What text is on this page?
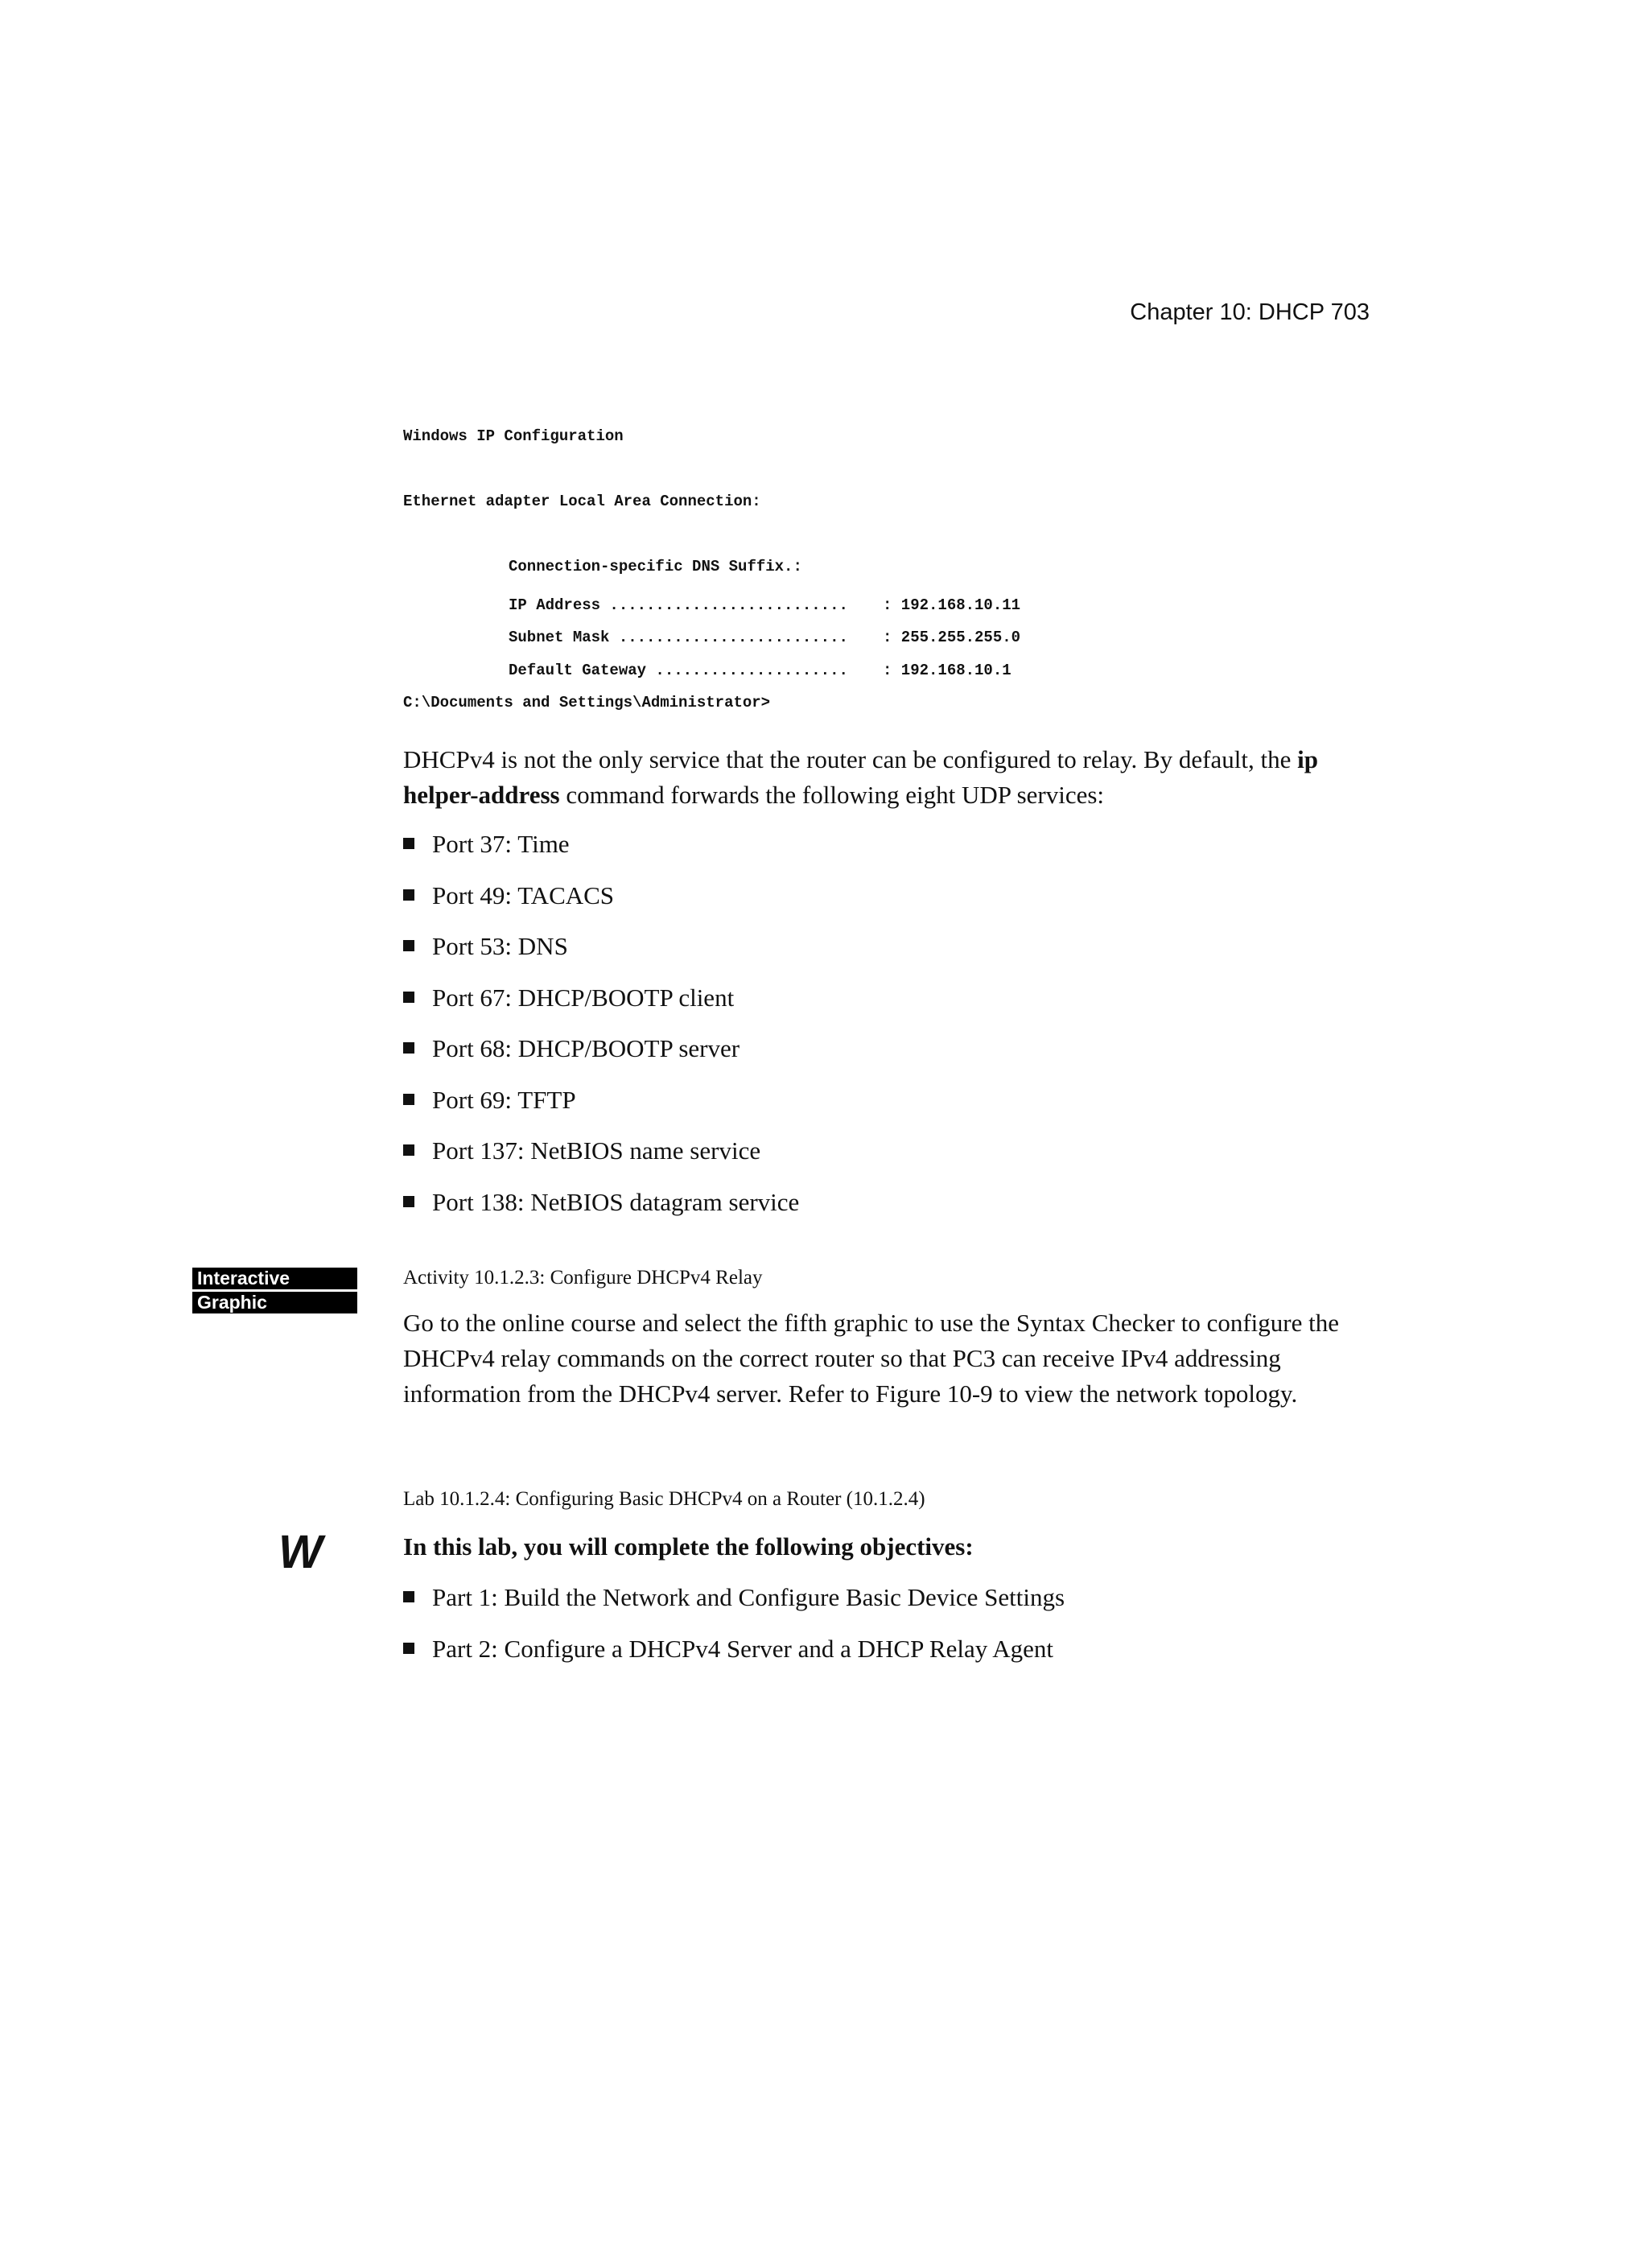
Chapter 10: DHCP 703
Windows IP Configuration
Ethernet adapter Local Area Connection:
Connection-specific DNS Suffix.:
IP Address .......................... : 192.168.10.11
Subnet Mask ......................... : 255.255.255.0
Default Gateway ..................... : 192.168.10.1
C:\Documents and Settings\Administrator>

DHCPv4 is not the only service that the router can be configured to relay. By default, the ip
helper-address command forwards the following eight UDP services:

Port 37: Time
Port 49: TACACS
Port 53: DNS
Port 67: DHCP/BOOTP client
Port 68: DHCP/BOOTP server
Port 69: TFTP
Port 137: NetBIOS name service
Port 138: NetBIOS datagram service
Interactive
Graphic
Activity 10.1.2.3: Configure DHCPv4 Relay

Go to the online course and select the fifth graphic to use the Syntax Checker to configure the DHCPv4 relay commands on the correct router so that PC3 can receive IPv4 addressing information from the DHCPv4 server. Refer to Figure 10-9 to view the network topology.

Lab 10.1.2.4: Configuring Basic DHCPv4 on a Router (10.1.2.4)
W	In this lab, you will complete the following objectives:

Part 1: Build the Network and Configure Basic Device Settings
Part 2: Configure a DHCPv4 Server and a DHCP Relay Agent
